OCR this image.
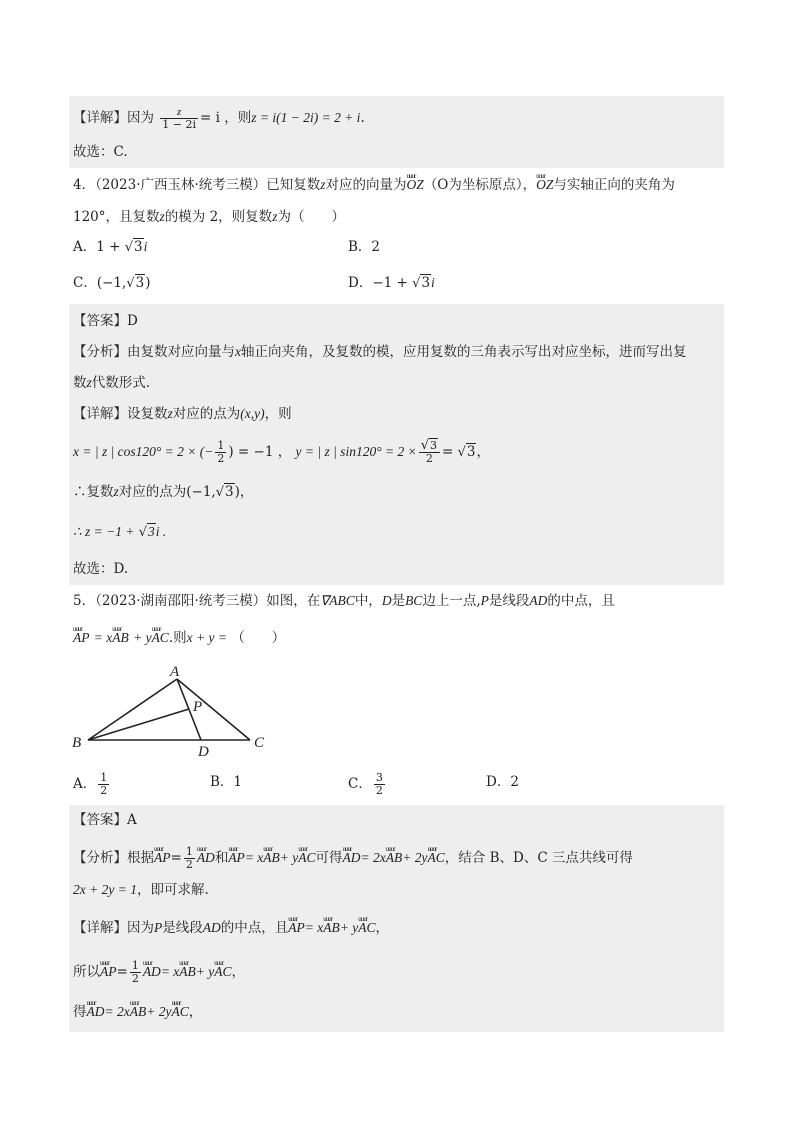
【详解】因为 $\frac{z}{1 - 2i} = i$ ，则z = i(1 − 2i) = 2 + i.
故选：C.
4．（2023·广西玉林·统考三模）已知复数z对应的向量为uuur OZ（O为坐标原点），uuur OZ与实轴正向的夹角为
120°，且复数z的模为 2，则复数z为（　　）
A．1 + √3i	B．2
C．(−1,√3)	D．−1 + √3i
【答案】D
【分析】由复数对应向量与x轴正向夹角，及复数的模，应用复数的三角表示写出对应坐标，进而写出复
数z代数形式.
【详解】设复数z对应的点为(x,y)，则
x = | z | cos120° = 2 × (− $\frac{1}{2}$ ) = −1 ， y = | z | $\sin 120^\circ = 2 \times \frac{√3}{2} = √3$，
∴复数z对应的点为(−1,√3)，
∴ z = −1 + √3i .
故选：D.
5．（2023·湖南邵阳·统考三模）如图，在∇ABC中，D是BC边上一点,P是线段AD的中点，且
uuur AP = xuuur AB + yuuur AC.则x + y = （　　）
A
B	C
D
P
A． $\frac{1}{2}$	B．1	C． $\frac{3}{2}$	D．2
【答案】A
【分析】根据uuur $AP= \frac{1}{2}$ uuur AD和uuur AP= xuuur AB+ yuuur AC可得uuur AD= 2xuuur AB+ 2yuuur AC，结合 B、D、C 三点共线可得
2x + 2y = 1，即可求解.
【详解】因为P是线段AD的中点，且uuur AP= xuuur AB+ yuuur AC，
所以uuur $AP= \frac{1}{2}$ uuur AD= xuuur AB+ yuuur AC，
得uuur AD= 2xuuur AB+ 2yuuur AC，
